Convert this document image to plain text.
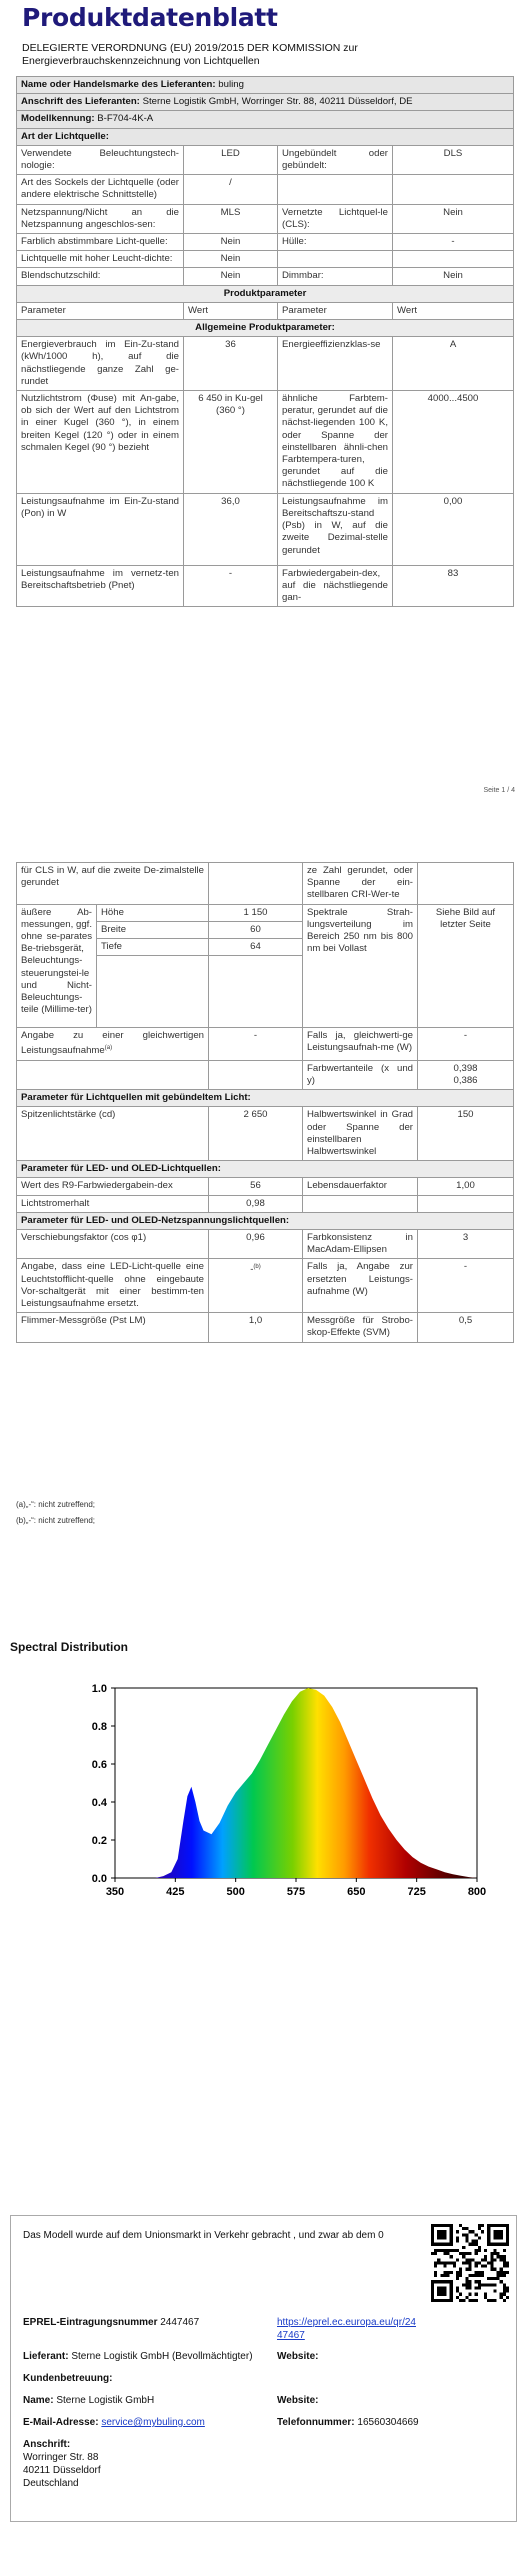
Produktdatenblatt
DELEGIERTE VERORDNUNG (EU) 2019/2015 DER KOMMISSION zur Energieverbrauchskennzeichnung von Lichtquellen
Name oder Handelsmarke des Lieferanten: buling			
Anschrift des Lieferanten: Sterne Logistik GmbH, Worringer Str. 88, 40211 Düsseldorf, DE			
Modellkennung: B-F704-4K-A			
Art der Lichtquelle:			
Verwendete Beleuchtungstech-nologie:	LED	Ungebündelt oder gebündelt:	DLS
Art des Sockels der Lichtquelle (oder andere elektrische Schnittstelle)	/		
Netzspannung/Nicht an die Netzspannung angeschlos-sen:	MLS	Vernetzte Lichtquel-le (CLS):	Nein
Farblich abstimmbare Licht-quelle:	Nein	Hülle:	-
Lichtquelle mit hoher Leucht-dichte:	Nein		
Blendschutzschild:	Nein	Dimmbar:	Nein
Produktparameter			
Parameter	Wert	Parameter	Wert
Allgemeine Produktparameter:			
Energieverbrauch im Ein-Zu-stand (kWh/1000 h), auf die nächstliegende ganze Zahl ge-rundet	36	Energieeffizienzklas-se	A
Nutzlichtstrom (Φuse) mit An-gabe, ob sich der Wert auf den Lichtstrom in einer Kugel (360 °), in einem breiten Kegel (120 °) oder in einem schmalen Kegel (90 °) bezieht	6 450 in Ku-gel (360 °)	ähnliche Farbtem-peratur, gerundet auf die nächst-liegenden 100 K, oder Spanne der einstellbaren ähnli-chen Farbtempera-turen, gerundet auf die nächstliegende 100 K	4000...4500
Leistungsaufnahme im Ein-Zu-stand (Pon) in W	36,0	Leistungsaufnahme im Bereitschaftszu-stand (Psb) in W, auf die zweite Dezimal-stelle gerundet	0,00
Leistungsaufnahme im vernetz-ten Bereitschaftsbetrieb (Pnet)	-	Farbwiedergabein-dex, auf die nächstliegende gan-	83
Seite 1 / 4
für CLS in W, auf die zweite De-zimalstelle gerundet			ze Zahl gerundet, oder Spanne der ein-stellbaren CRI-Wer-te	
äußere Ab-messungen, ggf. ohne se-parates Be-triebsgerät, Beleuchtungs-steuerungstei-le und Nicht-Beleuchtungs-teile (Millime-ter)	Höhe	1 150	Spektrale Strah-lungsverteilung im Bereich 250 nm bis 800 nm bei Vollast	Siehe Bild auf letzter Seite
	Breite	60		
	Tiefe	64		

Angabe zu einer gleichwertigen Leistungsaufnahme$^{(a)}$		-	Falls ja, gleichwerti-ge Leistungsaufnah-me (W)	-
			Farbwertanteile (x und y)	0,398
0,386

Parameter für Lichtquellen mit gebündeltem Licht:				
Spitzenlichtstärke (cd)		2 650	Halbwertswinkel in Grad oder Spanne der einstellbaren Halbwertswinkel	150
Parameter für LED- und OLED-Lichtquellen:				
Wert des R9-Farbwiedergabein-dex		56	Lebensdauerfaktor	1,00
Lichtstromerhalt		0,98		
Parameter für LED- und OLED-Netzspannungslichtquellen:				
Verschiebungsfaktor (cos φ1)		0,96	Farbkonsistenz in MacAdam-Ellipsen	3
Angabe, dass eine LED-Licht-quelle eine Leuchtstofflicht-quelle ohne eingebaute Vor-schaltgerät mit einer bestimm-ten Leistungsaufnahme ersetzt.		-$^{(b)}$	Falls ja, Angabe zur ersetzten Leistungs-aufnahme (W)	-
Flimmer-Messgröße (Pst LM)		1,0	Messgröße für Strobo-skop-Effekte (SVM)	0,5
(a)„-“: nicht zutreffend;
(b)„-“: nicht zutreffend;
Spectral Distribution
350	425	500	575	650	725	800
0.0
0.2
0.4
0.6
0.8
1.0
Das Modell wurde auf dem Unionsmarkt in Verkehr gebracht , und zwar ab dem 0
EPREL-Eintragungsnummer 2447467	https://eprel.ec.europa.eu/qr/24
47467
Lieferant: Sterne Logistik GmbH (Bevollmächtigter) Website:
Kundenbetreuung:
Name: Sterne Logistik GmbH	Website:
E-Mail-Adresse: service@mybuling.com	Telefonnummer: 16560304669
Anschrift:
Worringer Str. 88
40211 Düsseldorf
Deutschland
